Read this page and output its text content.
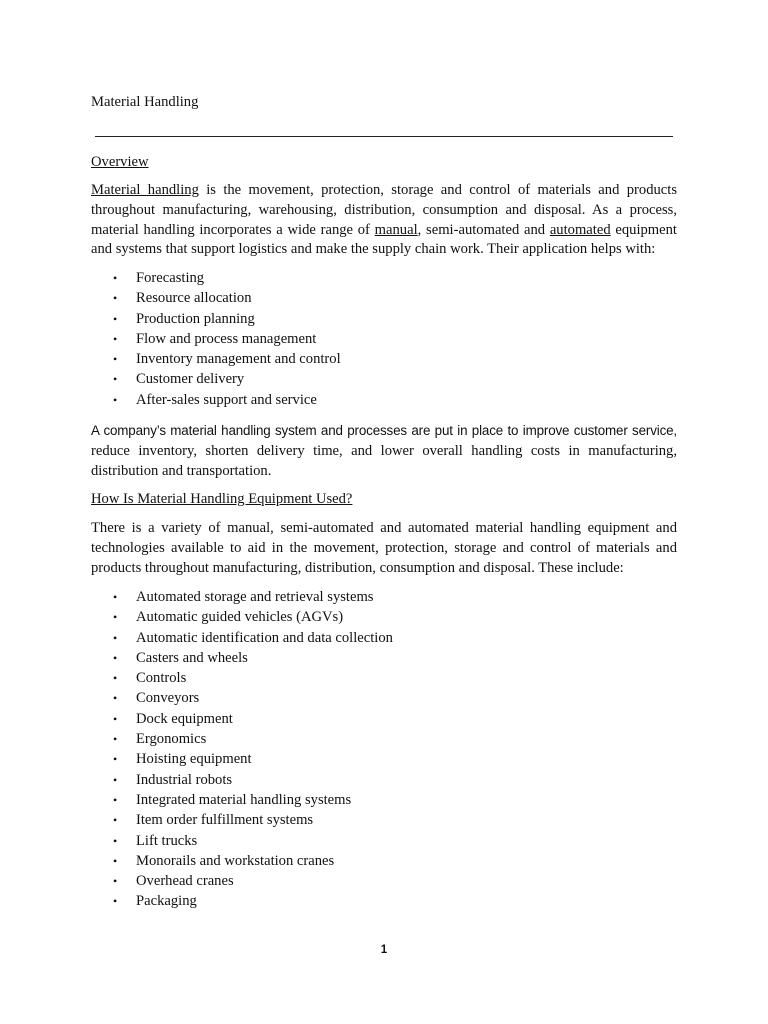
Material Handling
Overview

Material handling is the movement, protection, storage and control of materials and products throughout manufacturing, warehousing, distribution, consumption and disposal. As a process, material handling incorporates a wide range of manual, semi-automated and automated equipment and systems that support logistics and make the supply chain work. Their application helps with:

• Forecasting
• Resource allocation
• Production planning
• Flow and process management
• Inventory management and control
• Customer delivery
• After-sales support and service

A company’s material handling system and processes are put in place to improve customer service, reduce inventory, shorten delivery time, and lower overall handling costs in manufacturing, distribution and transportation.

How Is Material Handling Equipment Used?

There is a variety of manual, semi-automated and automated material handling equipment and technologies available to aid in the movement, protection, storage and control of materials and products throughout manufacturing, distribution, consumption and disposal. These include:

• Automated storage and retrieval systems
• Automatic guided vehicles (AGVs)
• Automatic identification and data collection
• Casters and wheels
• Controls
• Conveyors
• Dock equipment
• Ergonomics
• Hoisting equipment
• Industrial robots
• Integrated material handling systems
• Item order fulfillment systems
• Lift trucks
• Monorails and workstation cranes
• Overhead cranes
• Packaging
1
